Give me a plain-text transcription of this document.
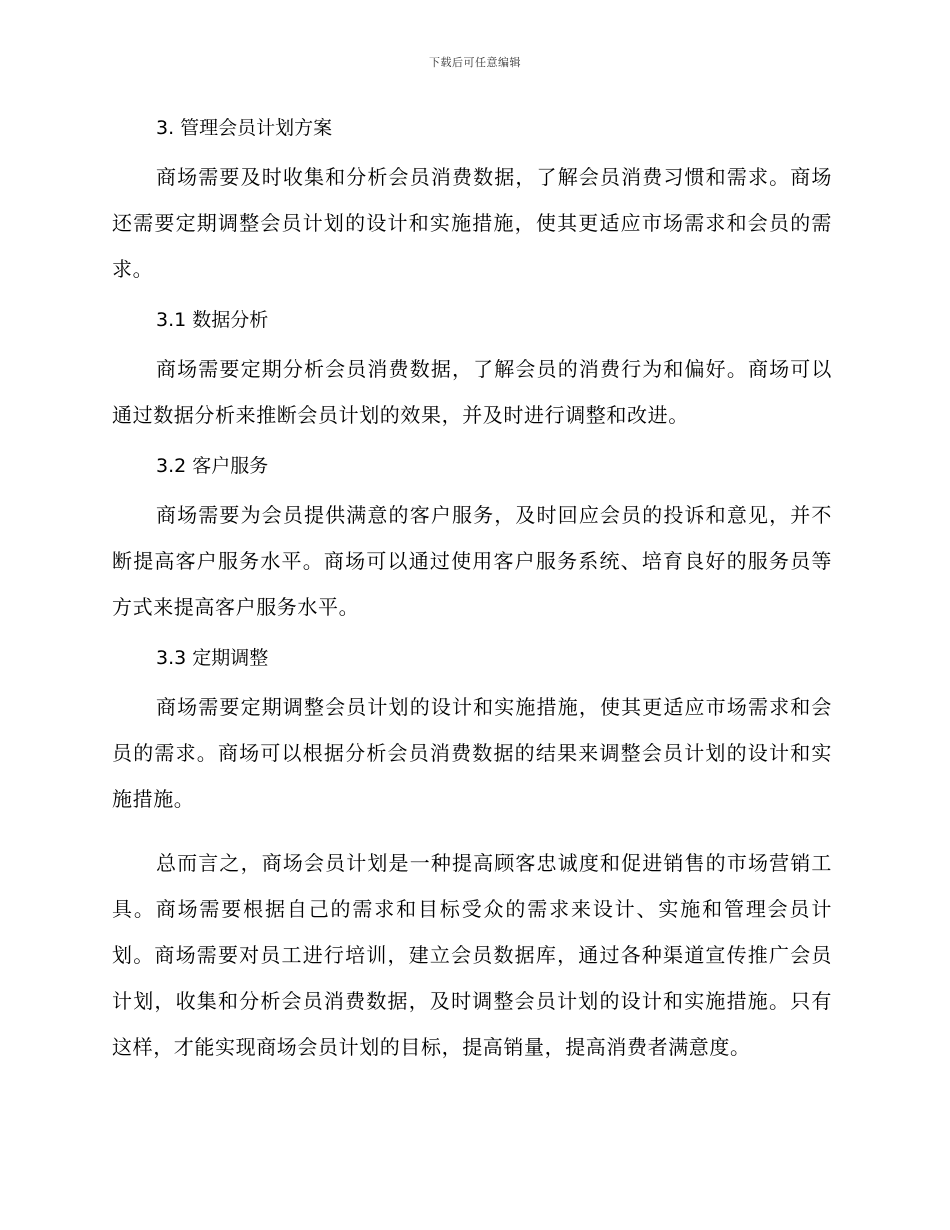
下载后可任意编辑
3. 管理会员计划方案

商场需要及时收集和分析会员消费数据，了解会员消费习惯和需求。商场还需要定期调整会员计划的设计和实施措施，使其更适应市场需求和会员的需求。

3.1 数据分析

商场需要定期分析会员消费数据，了解会员的消费行为和偏好。商场可以通过数据分析来推断会员计划的效果，并及时进行调整和改进。

3.2 客户服务

商场需要为会员提供满意的客户服务，及时回应会员的投诉和意见，并不断提高客户服务水平。商场可以通过使用客户服务系统、培育良好的服务员等方式来提高客户服务水平。

3.3 定期调整

商场需要定期调整会员计划的设计和实施措施，使其更适应市场需求和会员的需求。商场可以根据分析会员消费数据的结果来调整会员计划的设计和实施措施。

总而言之，商场会员计划是一种提高顾客忠诚度和促进销售的市场营销工具。商场需要根据自己的需求和目标受众的需求来设计、实施和管理会员计划。商场需要对员工进行培训，建立会员数据库，通过各种渠道宣传推广会员计划，收集和分析会员消费数据，及时调整会员计划的设计和实施措施。只有这样，才能实现商场会员计划的目标，提高销量，提高消费者满意度。
